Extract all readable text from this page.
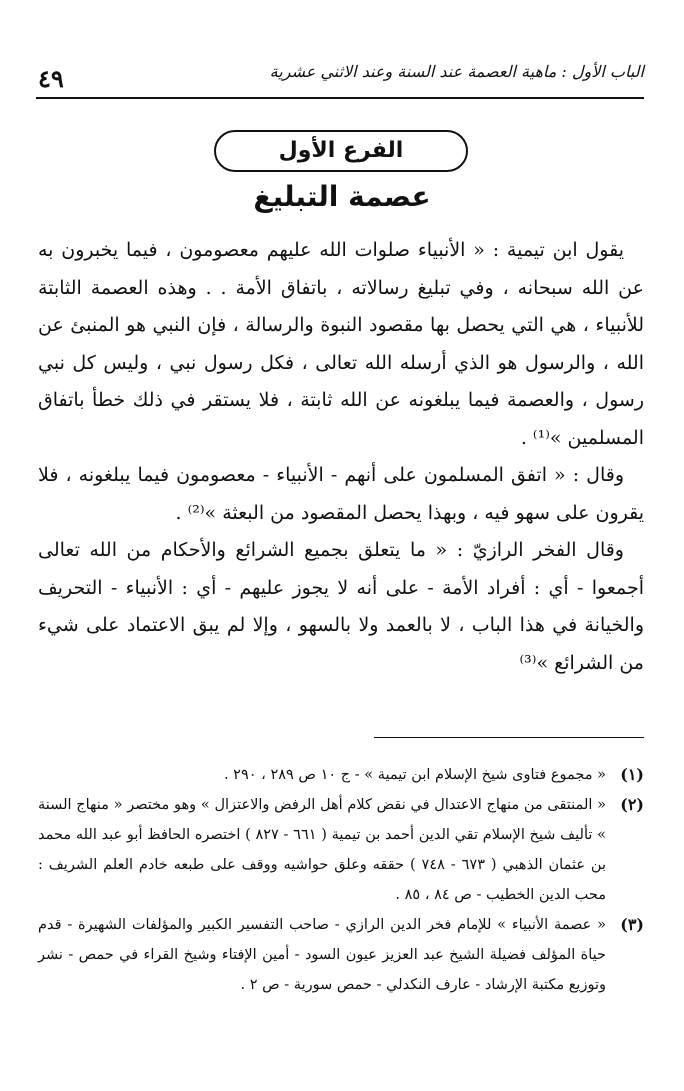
٤٩	الباب الأول : ماهية العصمة عند السنة وعند الاثني عشرية
الفرع الأول
عصمة التبليغ

يقول ابن تيمية : « الأنبياء صلوات الله عليهم معصومون ، فيما يخبرون به عن الله سبحانه ، وفي تبليغ رسالاته ، باتفاق الأمة . . وهذه العصمة الثابتة للأنبياء ، هي التي يحصل بها مقصود النبوة والرسالة ، فإن النبي هو المنبئ عن الله ، والرسول هو الذي أرسله الله تعالى ، فكل رسول نبي ، وليس كل نبي رسول ، والعصمة فيما يبلغونه عن الله ثابتة ، فلا يستقر في ذلك خطأ باتفاق المسلمين »⁽¹⁾ .

وقال : « اتفق المسلمون على أنهم - الأنبياء - معصومون فيما يبلغونه ، فلا يقرون على سهو فيه ، وبهذا يحصل المقصود من البعثة »⁽²⁾ .

وقال الفخر الرازيّ : « ما يتعلق بجميع الشرائع والأحكام من الله تعالى أجمعوا - أي : أفراد الأمة - على أنه لا يجوز عليهم - أي : الأنبياء - التحريف والخيانة في هذا الباب ، لا بالعمد ولا بالسهو ، وإلا لم يبق الاعتماد على شيء من الشرائع »⁽³⁾

(١)
« مجموع فتاوى شيخ الإسلام ابن تيمية » - ج ١٠ ص ٢٨٩ ، ٢٩٠ .
(٢)
« المنتقى من منهاج الاعتدال في نقض كلام أهل الرفض والاعتزال » وهو مختصر « منهاج السنة » تأليف شيخ الإسلام تقي الدين أحمد بن تيمية ( ٦٦١ - ٨٢٧ ) اختصره الحافظ أبو عبد الله محمد بن عثمان الذهبي ( ٦٧٣ - ٧٤٨ ) حققه وعلق حواشيه ووقف على طبعه خادم العلم الشريف : محب الدين الخطيب - ص ٨٤ ، ٨٥ .
(٣)
« عصمة الأنبياء » للإمام فخر الدين الرازي - صاحب التفسير الكبير والمؤلفات الشهيرة - قدم حياة المؤلف فضيلة الشيخ عبد العزيز عيون السود - أمين الإفتاء وشيخ القراء في حمص - نشر وتوزيع مكتبة الإرشاد - عارف النكدلي - حمص سورية - ص ٢ .
